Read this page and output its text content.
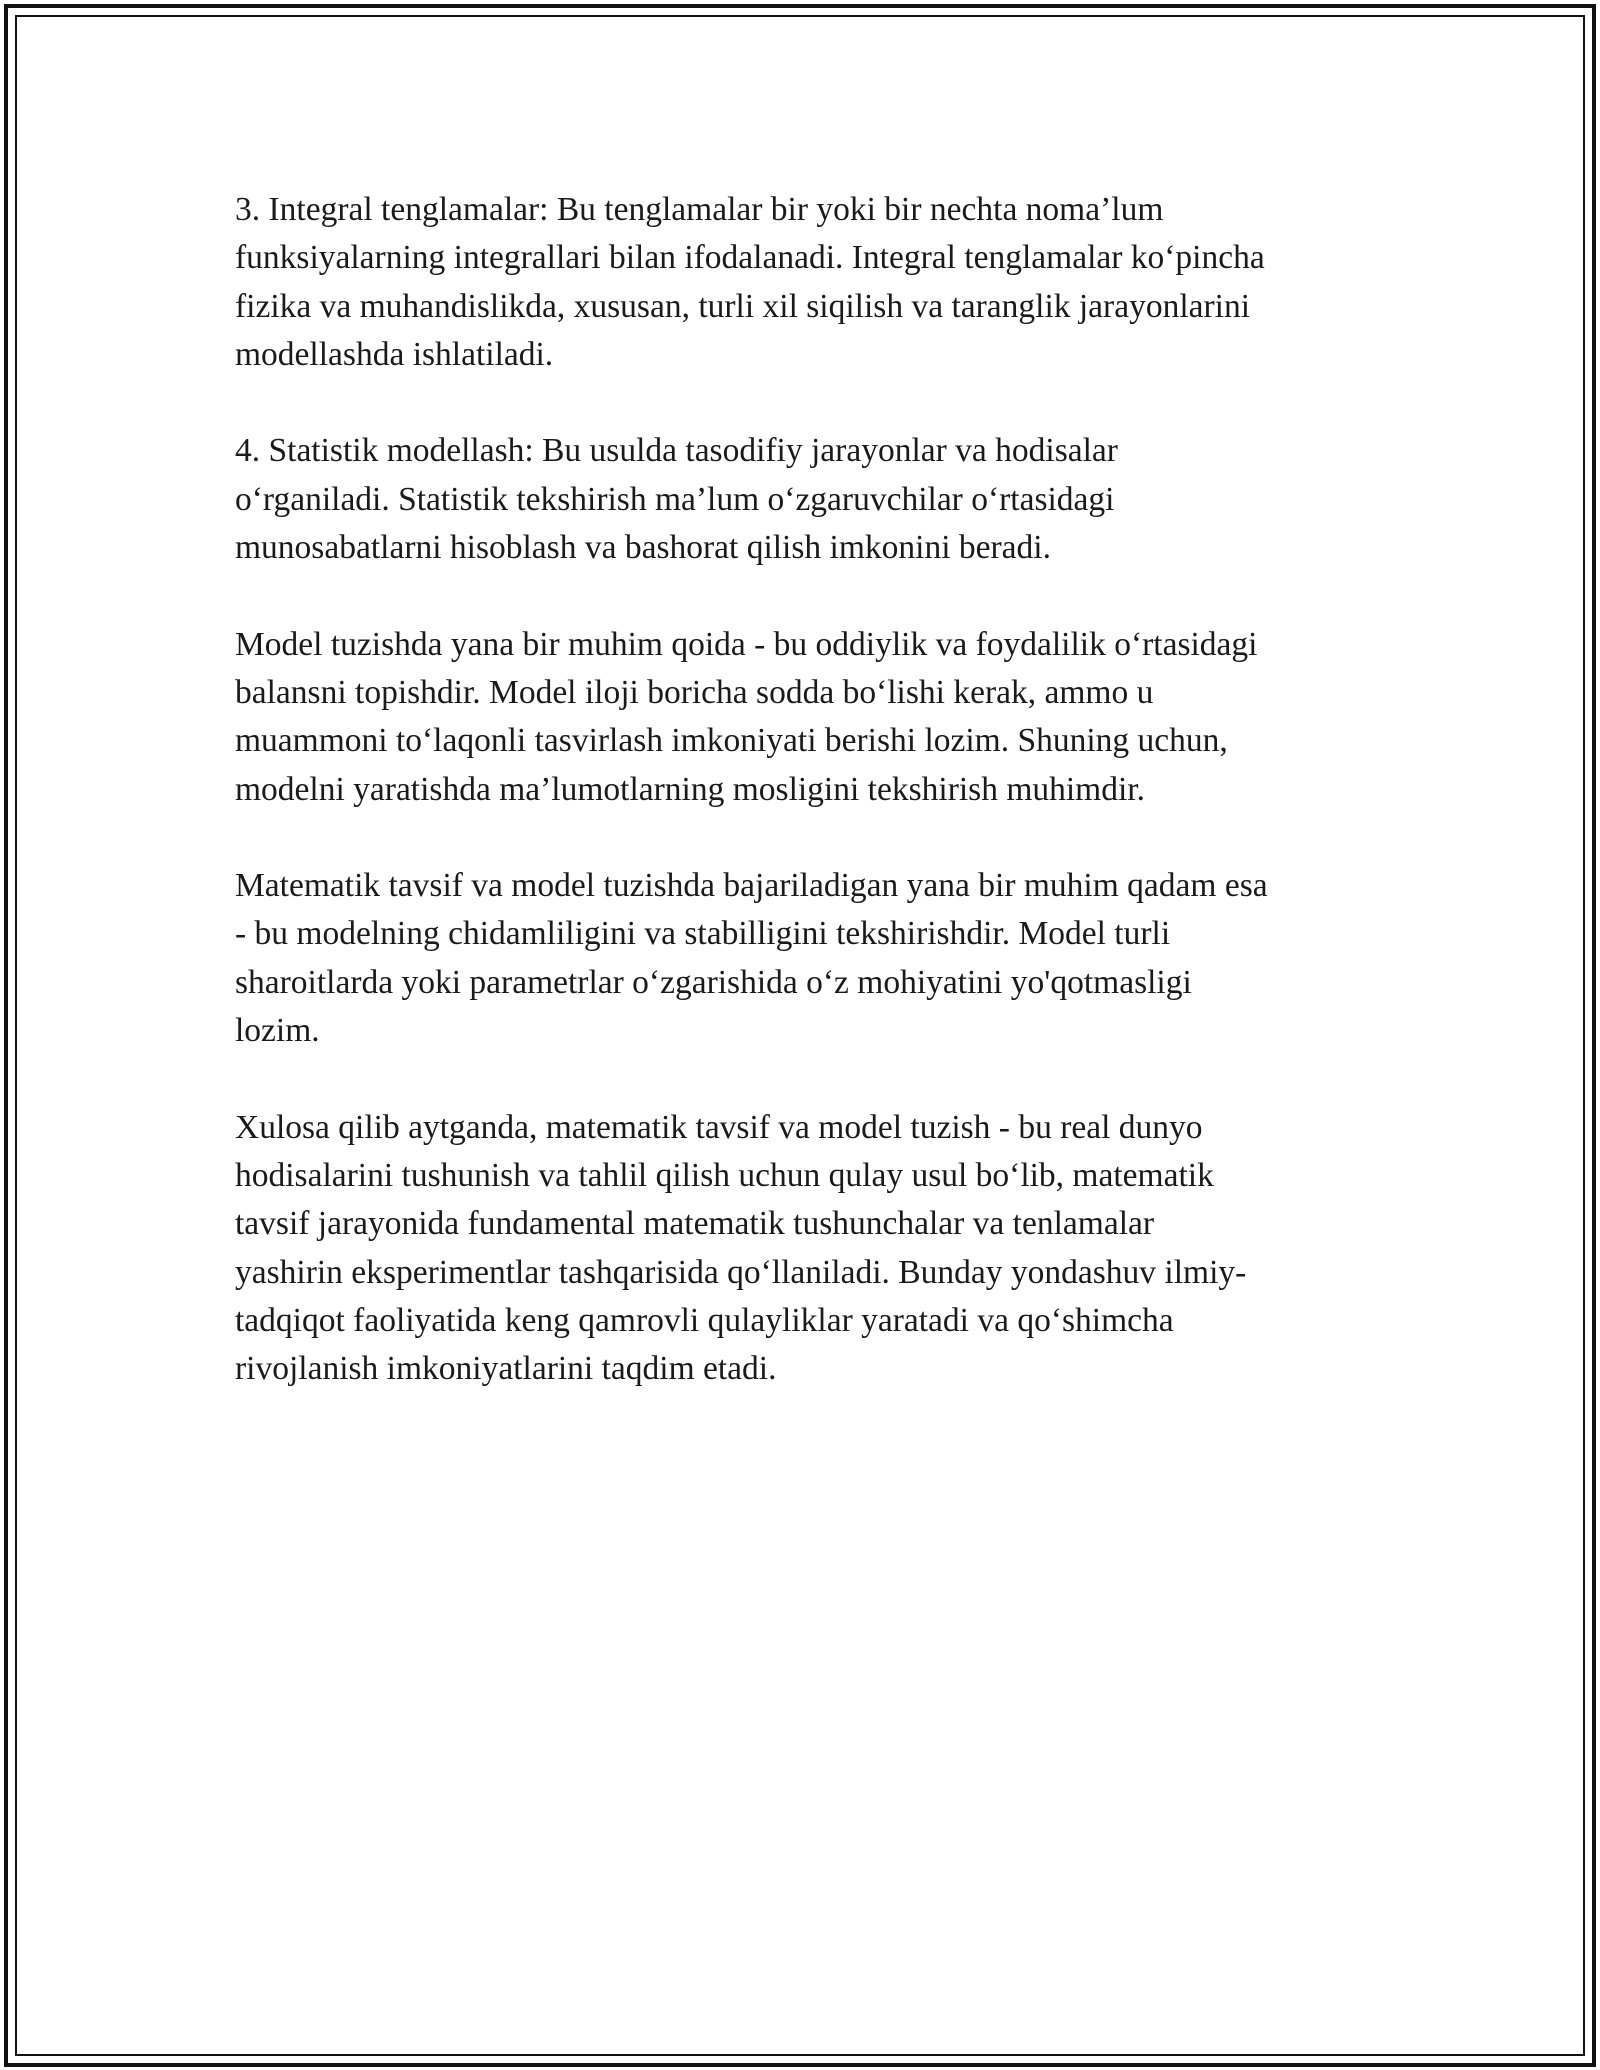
3. Integral tenglamalar: Bu tenglamalar bir yoki bir nechta noma’lum
funksiyalarning integrallari bilan ifodalanadi. Integral tenglamalar ko‘pincha
fizika va muhandislikda, xususan, turli xil siqilish va taranglik jarayonlarini
modellashda ishlatiladi.

4. Statistik modellash: Bu usulda tasodifiy jarayonlar va hodisalar
o‘rganiladi. Statistik tekshirish ma’lum o‘zgaruvchilar o‘rtasidagi
munosabatlarni hisoblash va bashorat qilish imkonini beradi.

Model tuzishda yana bir muhim qoida - bu oddiylik va foydalilik o‘rtasidagi
balansni topishdir. Model iloji boricha sodda bo‘lishi kerak, ammo u
muammoni to‘laqonli tasvirlash imkoniyati berishi lozim. Shuning uchun,
modelni yaratishda ma’lumotlarning mosligini tekshirish muhimdir.

Matematik tavsif va model tuzishda bajariladigan yana bir muhim qadam esa
- bu modelning chidamliligini va stabilligini tekshirishdir. Model turli
sharoitlarda yoki parametrlar o‘zgarishida o‘z mohiyatini yo'qotmasligi
lozim.

Xulosa qilib aytganda, matematik tavsif va model tuzish - bu real dunyo
hodisalarini tushunish va tahlil qilish uchun qulay usul bo‘lib, matematik
tavsif jarayonida fundamental matematik tushunchalar va tenlamalar
yashirin eksperimentlar tashqarisida qo‘llaniladi. Bunday yondashuv ilmiy-
tadqiqot faoliyatida keng qamrovli qulayliklar yaratadi va qo‘shimcha
rivojlanish imkoniyatlarini taqdim etadi.
